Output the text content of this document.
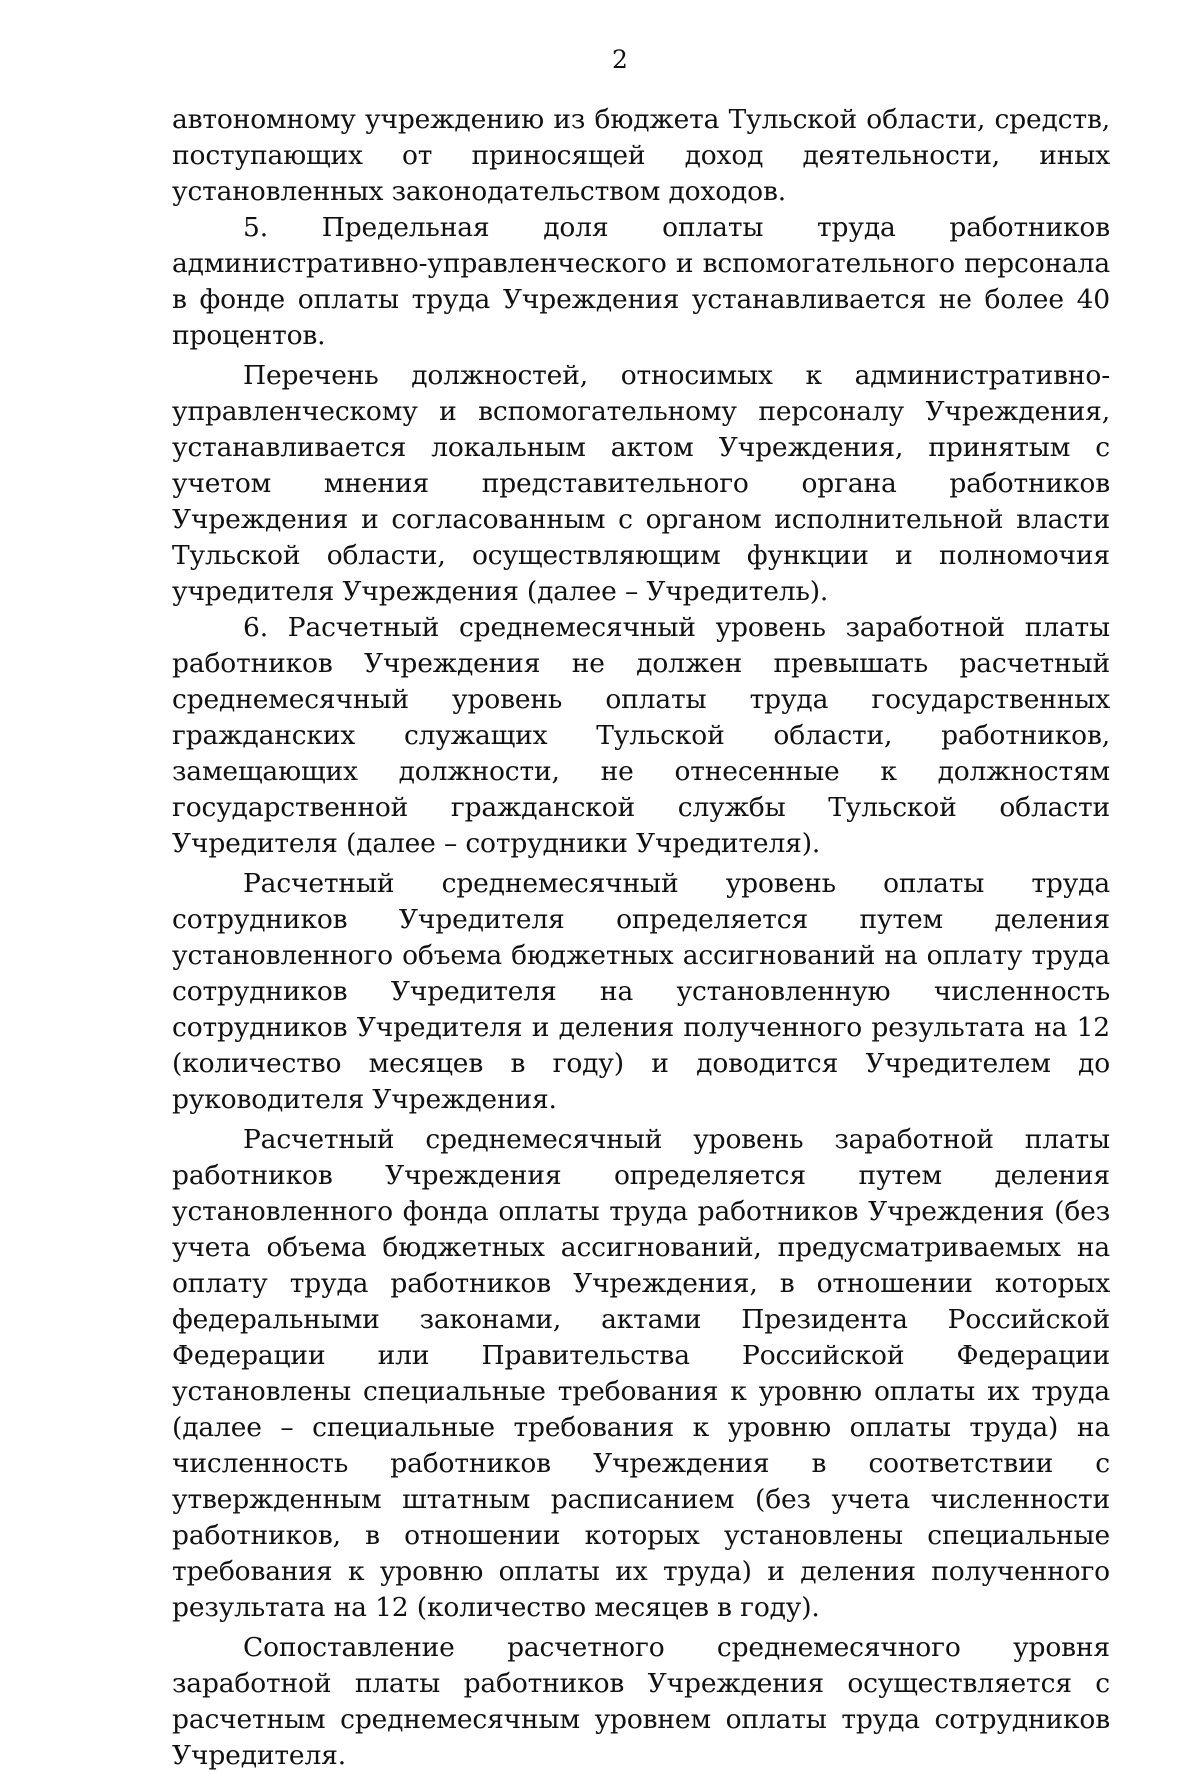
2

автономному учреждению из бюджета Тульской области, средств, поступающих от приносящей доход деятельности, иных установленных законодательством доходов.

5. Предельная доля оплаты труда работников административно-управленческого и вспомогательного персонала в фонде оплаты труда Учреждения устанавливается не более 40 процентов.

Перечень должностей, относимых к административно-управленческому и вспомогательному персоналу Учреждения, устанавливается локальным актом Учреждения, принятым с учетом мнения представительного органа работников Учреждения и согласованным с органом исполнительной власти Тульской области, осуществляющим функции и полномочия учредителя Учреждения (далее – Учредитель).

6. Расчетный среднемесячный уровень заработной платы работников Учреждения не должен превышать расчетный среднемесячный уровень оплаты труда государственных гражданских служащих Тульской области, работников, замещающих должности, не отнесенные к должностям государственной гражданской службы Тульской области Учредителя (далее – сотрудники Учредителя).

Расчетный среднемесячный уровень оплаты труда сотрудников Учредителя определяется путем деления установленного объема бюджетных ассигнований на оплату труда сотрудников Учредителя на установленную численность сотрудников Учредителя и деления полученного результата на 12 (количество месяцев в году) и доводится Учредителем до руководителя Учреждения.

Расчетный среднемесячный уровень заработной платы работников Учреждения определяется путем деления установленного фонда оплаты труда работников Учреждения (без учета объема бюджетных ассигнований, предусматриваемых на оплату труда работников Учреждения, в отношении которых федеральными законами, актами Президента Российской Федерации или Правительства Российской Федерации установлены специальные требования к уровню оплаты их труда (далее – специальные требования к уровню оплаты труда) на численность работников Учреждения в соответствии с утвержденным штатным расписанием (без учета численности работников, в отношении которых установлены специальные требования к уровню оплаты их труда) и деления полученного результата на 12 (количество месяцев в году).

Сопоставление расчетного среднемесячного уровня заработной платы работников Учреждения осуществляется с расчетным среднемесячным уровнем оплаты труда сотрудников Учредителя.
